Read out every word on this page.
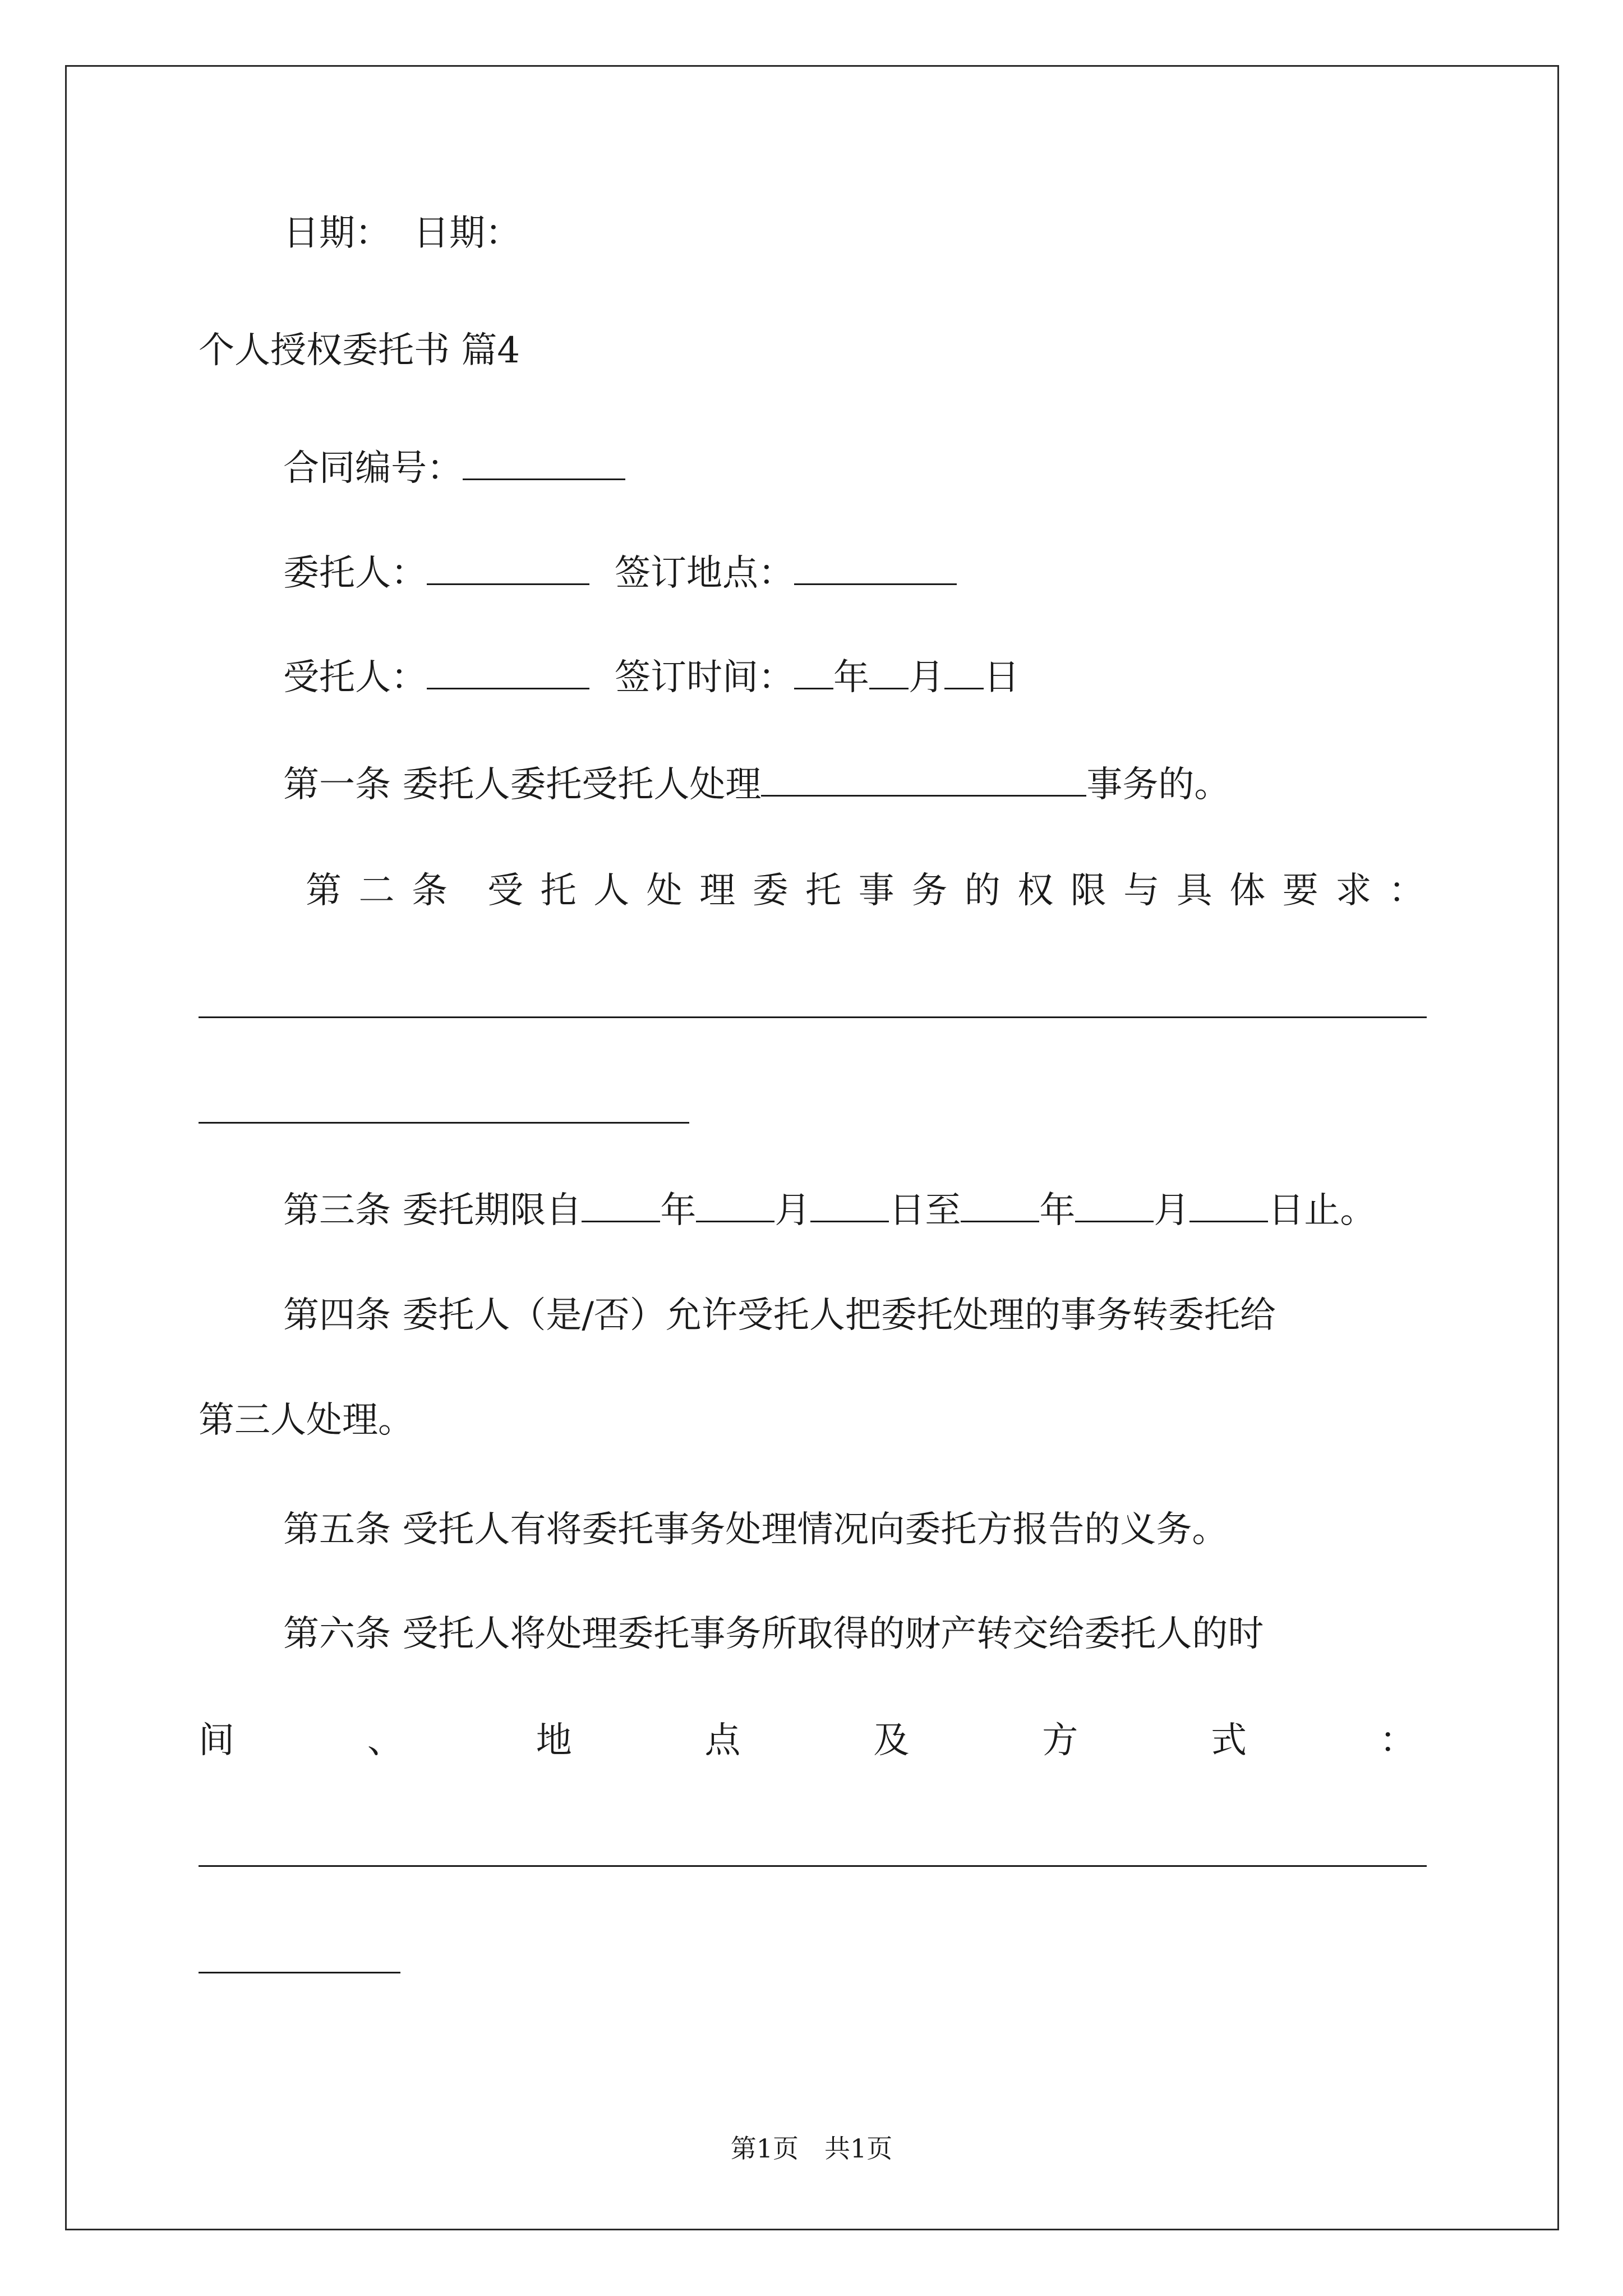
日期： 日期：
个人授权委托书 篇4
合同编号：
委托人：	签订地点：
受托人：	签订时间： 年 月 日
第一条 委托人委托受托人处理	事务的。
第 二 条 受 托 人 处 理 委 托 事 务 的 权 限 与 具 体 要 求 ：
第三条 委托期限自 年 月 日至 年 月 日止。
第四条 委托人（是/否）允许受托人把委托处理的事务转委托给
第三人处理。
第五条 受托人有将委托事务处理情况向委托方报告的义务。
第六条 受托人将处理委托事务所取得的财产转交给委托人的时
间	、	地	点	及	方	式	：
第1页　共1页
